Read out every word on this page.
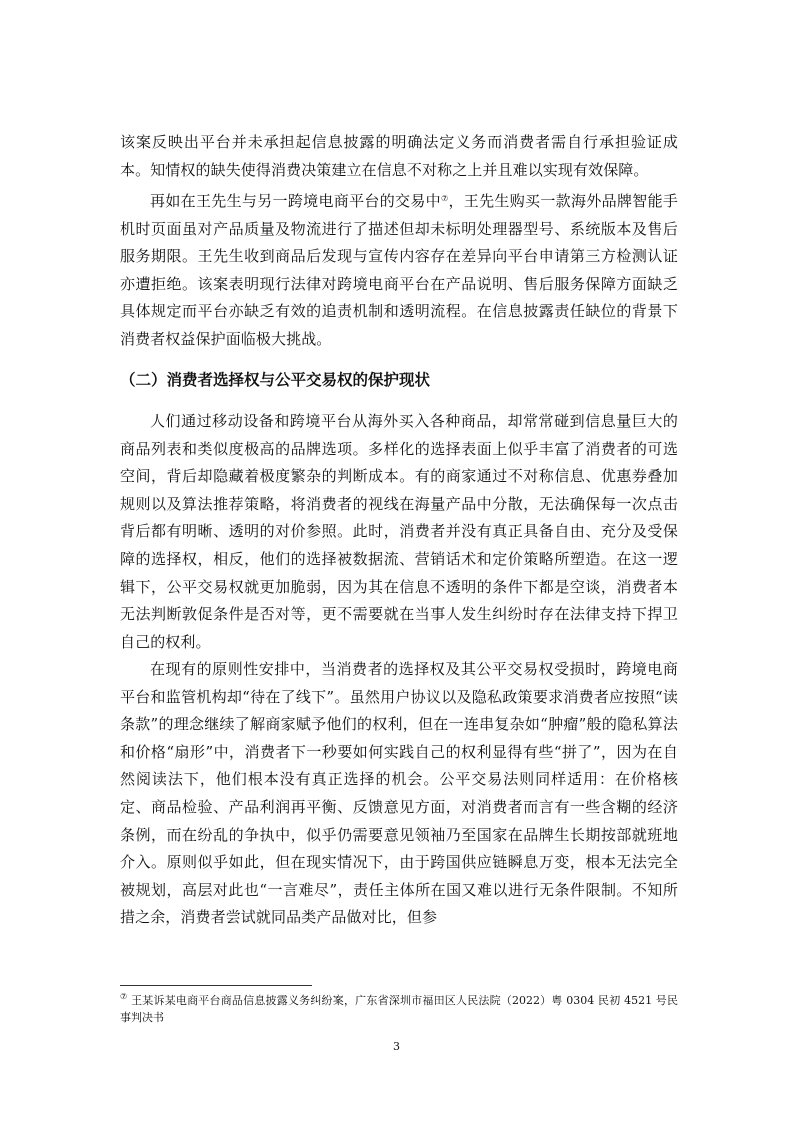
该案反映出平台并未承担起信息披露的明确法定义务而消费者需自行承担验证成本。知情权的缺失使得消费决策建立在信息不对称之上并且难以实现有效保障。

再如在王先生与另一跨境电商平台的交易中⑦，王先生购买一款海外品牌智能手机时页面虽对产品质量及物流进行了描述但却未标明处理器型号、系统版本及售后服务期限。王先生收到商品后发现与宣传内容存在差异向平台申请第三方检测认证亦遭拒绝。该案表明现行法律对跨境电商平台在产品说明、售后服务保障方面缺乏具体规定而平台亦缺乏有效的追责机制和透明流程。在信息披露责任缺位的背景下消费者权益保护面临极大挑战。

（二）消费者选择权与公平交易权的保护现状

人们通过移动设备和跨境平台从海外买入各种商品，却常常碰到信息量巨大的商品列表和类似度极高的品牌选项。多样化的选择表面上似乎丰富了消费者的可选空间，背后却隐藏着极度繁杂的判断成本。有的商家通过不对称信息、优惠券叠加规则以及算法推荐策略，将消费者的视线在海量产品中分散，无法确保每一次点击背后都有明晰、透明的对价参照。此时，消费者并没有真正具备自由、充分及受保障的选择权，相反，他们的选择被数据流、营销话术和定价策略所塑造。在这一逻辑下，公平交易权就更加脆弱，因为其在信息不透明的条件下都是空谈，消费者本无法判断敦促条件是否对等，更不需要就在当事人发生纠纷时存在法律支持下捍卫自己的权利。

在现有的原则性安排中，当消费者的选择权及其公平交易权受损时，跨境电商平台和监管机构却“待在了线下”。虽然用户协议以及隐私政策要求消费者应按照“读条款”的理念继续了解商家赋予他们的权利，但在一连串复杂如“肿瘤”般的隐私算法和价格“扇形”中，消费者下一秒要如何实践自己的权利显得有些“拼了”，因为在自然阅读法下，他们根本没有真正选择的机会。公平交易法则同样适用：在价格核定、商品检验、产品利润再平衡、反馈意见方面，对消费者而言有一些含糊的经济条例，而在纷乱的争执中，似乎仍需要意见领袖乃至国家在品牌生长期按部就班地介入。原则似乎如此，但在现实情况下，由于跨国供应链瞬息万变，根本无法完全被规划，高层对此也“一言难尽”，责任主体所在国又难以进行无条件限制。不知所措之余，消费者尝试就同品类产品做对比，但参

⑦ 王某诉某电商平台商品信息披露义务纠纷案，广东省深圳市福田区人民法院（2022）粤 0304 民初 4521 号民事判决书

3
